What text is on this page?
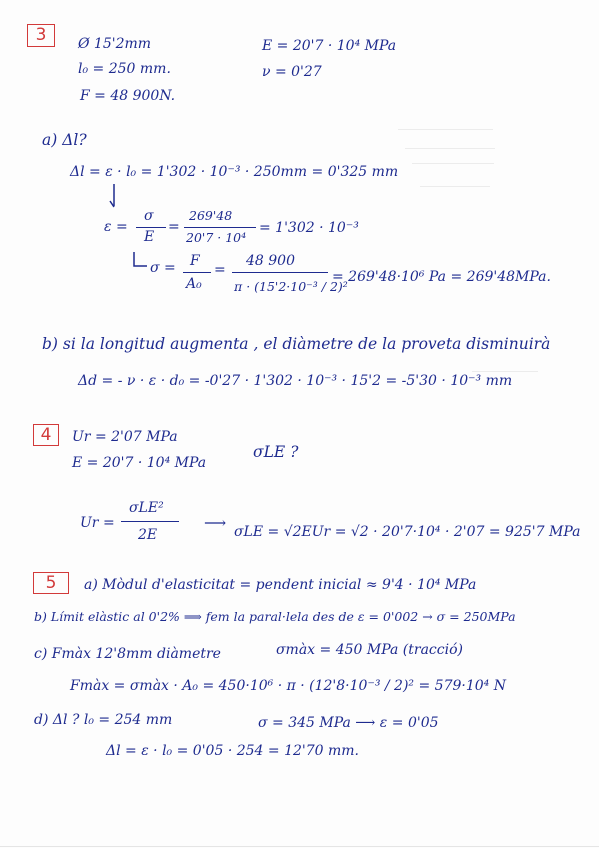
3	Ø 15'2mm
l₀ = 250 mm.
F = 48 900N.
E = 20'7 · 10⁴ MPa
ν = 0'27
a) Δl?
Δl = ε · l₀ = 1'302 · 10⁻³ · 250mm = 0'325 mm
ε =
σ
E
=
269'48
20'7 · 10⁴
= 1'302 · 10⁻³
σ = F
A₀
=
48 900
π · (15'2·10⁻³ / 2)²
= 269'48·10⁶ Pa = 269'48MPa.
b) si la longitud augmenta , el diàmetre de la proveta disminuirà
Δd = - ν · ε · d₀ = -0'27 · 1'302 · 10⁻³ · 15'2 = -5'30 · 10⁻³ mm
4	Ur = 2'07 MPa
E = 20'7 · 10⁴ MPa
σLE ?
Ur =
σLE²
2E
⟶ σLE = √2EUr = √2 · 20'7·10⁴ · 2'07 = 925'7 MPa
5	a) Mòdul d'elasticitat = pendent inicial ≈ 9'4 · 10⁴ MPa
b) Límit elàstic al 0'2% ⟹ fem la paral·lela des de ε = 0'002 → σ = 250MPa
c) Fmàx 12'8mm diàmetre	σmàx = 450 MPa (tracció)
Fmàx = σmàx · A₀ = 450·10⁶ · π · (12'8·10⁻³ / 2)² = 579·10⁴ N
d) Δl ? l₀ = 254 mm	σ = 345 MPa ⟶ ε = 0'05
Δl = ε · l₀ = 0'05 · 254 = 12'70 mm.
